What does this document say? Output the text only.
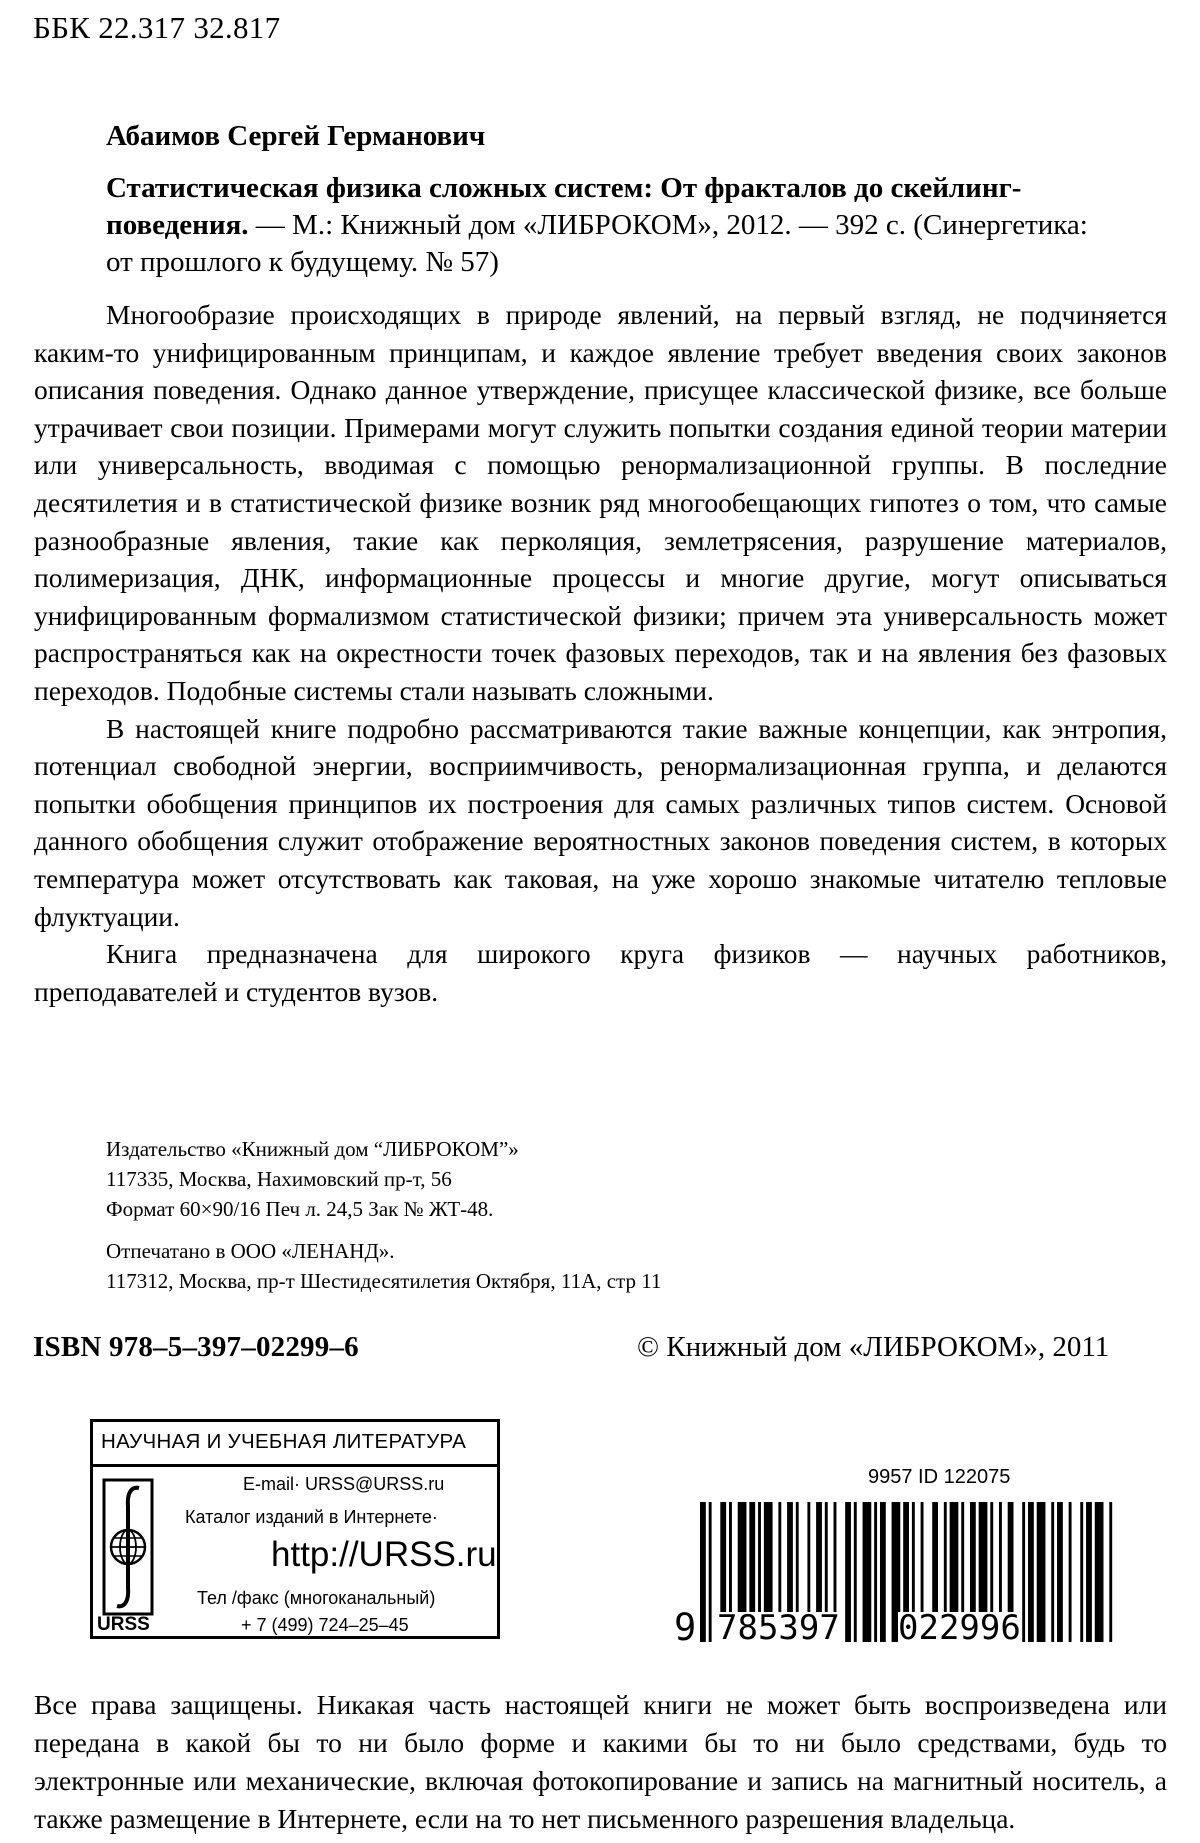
ББК 22.317 32.817
Абаимов Сергей Германович
Статистическая физика сложных систем: От фракталов до скейлинг-поведения. — М.: Книжный дом «ЛИБРОКОМ», 2012. — 392 с. (Синергетика: от прошлого к будущему. № 57)

Многообразие происходящих в природе явлений, на первый взгляд, не подчиняется каким-то унифицированным принципам, и каждое явление требует введения своих законов описания поведения. Однако данное утверждение, присущее классической физике, все больше утрачивает свои позиции. Примерами могут служить попытки создания единой теории материи или универсальность, вводимая с помощью ренормализационной группы. В последние десятилетия и в статистической физике возник ряд многообещающих гипотез о том, что самые разнообразные явления, такие как перколяция, землетрясения, разрушение материалов, полимеризация, ДНК, информационные процессы и многие другие, могут описываться унифицированным формализмом статистической физики; причем эта универсальность может распространяться как на окрестности точек фазовых переходов, так и на явления без фазовых переходов. Подобные системы стали называть сложными.

В настоящей книге подробно рассматриваются такие важные концепции, как энтропия, потенциал свободной энергии, восприимчивость, ренормализационная группа, и делаются попытки обобщения принципов их построения для самых различных типов систем. Основой данного обобщения служит отображение вероятностных законов поведения систем, в которых температура может отсутствовать как таковая, на уже хорошо знакомые читателю тепловые флуктуации.

Книга предназначена для широкого круга физиков — научных работников, преподавателей и студентов вузов.

Издательство «Книжный дом “ЛИБРОКОМ”»
117335, Москва, Нахимовский пр-т, 56
Формат 60×90/16 Печ л. 24,5 Зак № ЖТ-48.
Отпечатано в ООО «ЛЕНАНД».
117312, Москва, пр-т Шестидесятилетия Октября, 11А, стр 11
ISBN 978–5–397–02299–6	© Книжный дом «ЛИБРОКОМ», 2011
НАУЧНАЯ И УЧЕБНАЯ ЛИТЕРАТУРА
URSS
E-mail· URSS@URSS.ru
Каталог изданий в Интернете·
http://URSS.ru
Тел /факс (многоканальный)
+ 7 (499) 724–25–45
9957 ID 122075
9 785397 022996
Все права защищены. Никакая часть настоящей книги не может быть воспроизведена или передана в какой бы то ни было форме и какими бы то ни было средствами, будь то электронные или механические, включая фотокопирование и запись на магнитный носитель, а также размещение в Интернете, если на то нет письменного разрешения владельца.
